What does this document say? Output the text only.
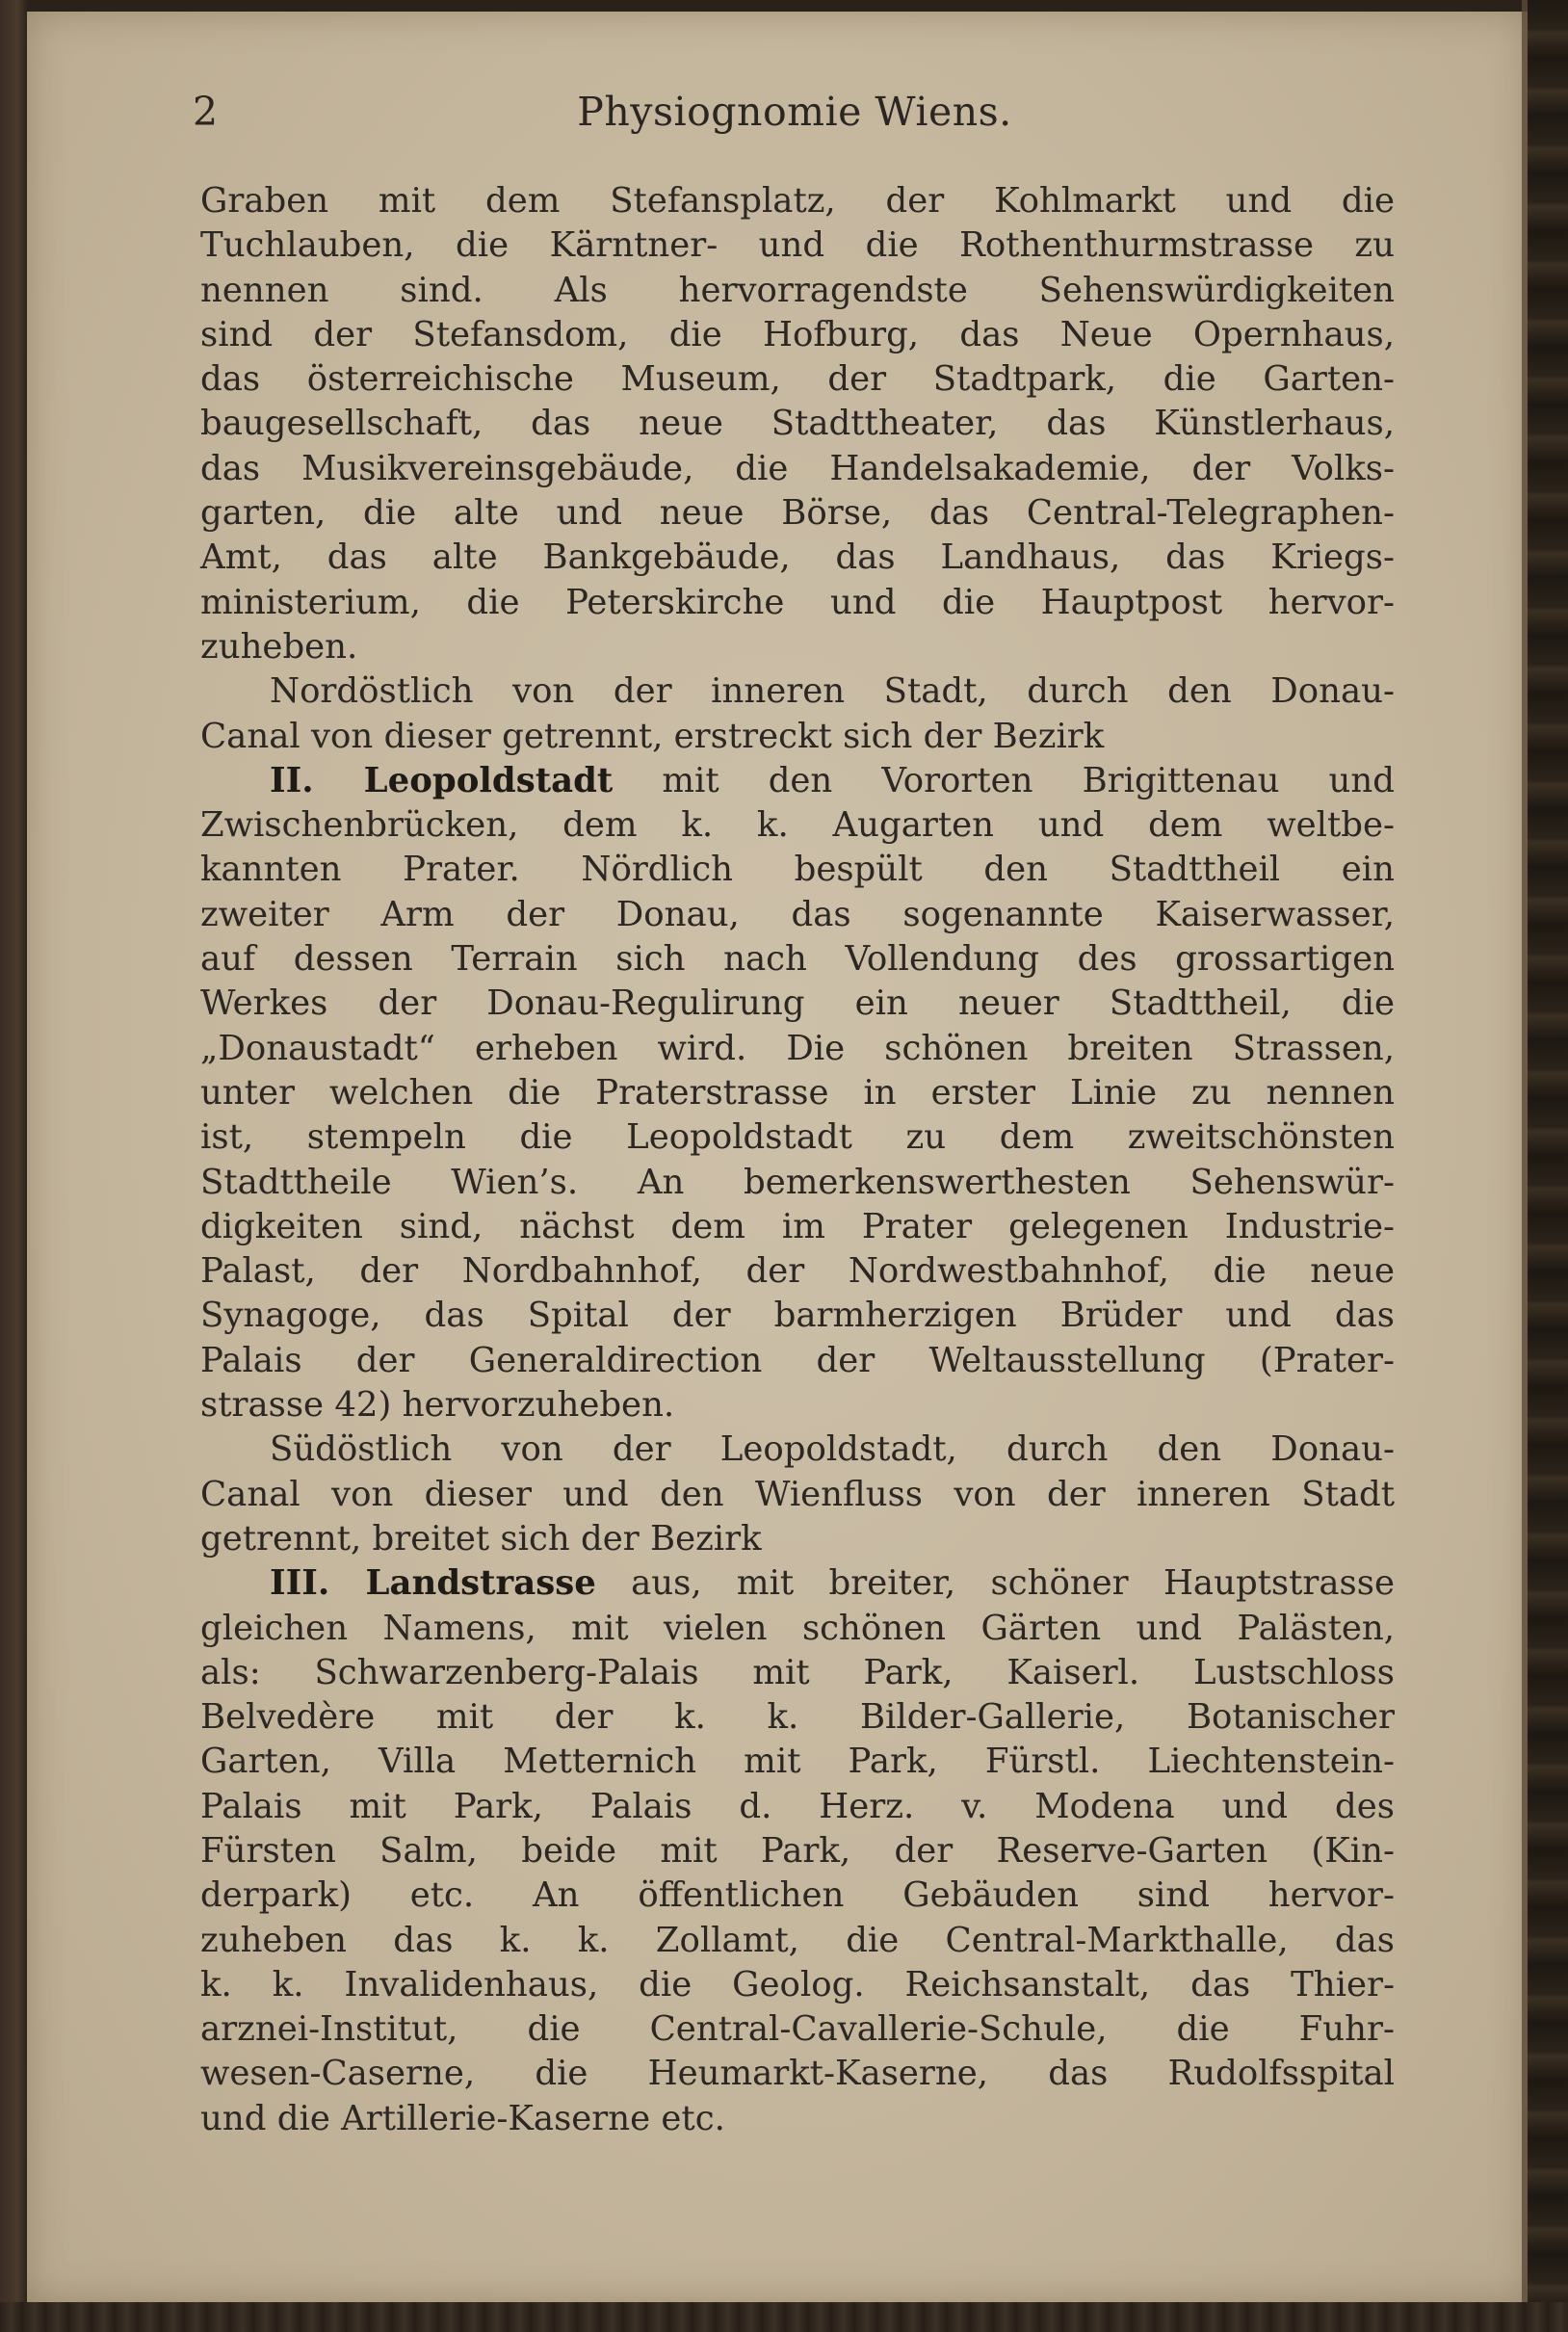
2	Physiognomie Wiens.
Graben mit dem Stefansplatz, der Kohlmarkt und die
Tuchlauben, die Kärntner- und die Rothenthurmstrasse zu
nennen sind. Als hervorragendste Sehenswürdigkeiten
sind der Stefansdom, die Hofburg, das Neue Opernhaus,
das österreichische Museum, der Stadtpark, die Garten-
baugesellschaft, das neue Stadttheater, das Künstlerhaus,
das Musikvereinsgebäude, die Handelsakademie, der Volks-
garten, die alte und neue Börse, das Central-Telegraphen-
Amt, das alte Bankgebäude, das Landhaus, das Kriegs-
ministerium, die Peterskirche und die Hauptpost hervor-
zuheben.
Nordöstlich von der inneren Stadt, durch den Donau-
Canal von dieser getrennt, erstreckt sich der Bezirk
II. Leopoldstadt mit den Vororten Brigittenau und
Zwischenbrücken, dem k. k. Augarten und dem weltbe-
kannten Prater. Nördlich bespült den Stadttheil ein
zweiter Arm der Donau, das sogenannte Kaiserwasser,
auf dessen Terrain sich nach Vollendung des grossartigen
Werkes der Donau-Regulirung ein neuer Stadttheil, die
„Donaustadt“ erheben wird. Die schönen breiten Strassen,
unter welchen die Praterstrasse in erster Linie zu nennen
ist, stempeln die Leopoldstadt zu dem zweitschönsten
Stadttheile Wien’s. An bemerkenswerthesten Sehenswür-
digkeiten sind, nächst dem im Prater gelegenen Industrie-
Palast, der Nordbahnhof, der Nordwestbahnhof, die neue
Synagoge, das Spital der barmherzigen Brüder und das
Palais der Generaldirection der Weltausstellung (Prater-
strasse 42) hervorzuheben.
Südöstlich von der Leopoldstadt, durch den Donau-
Canal von dieser und den Wienfluss von der inneren Stadt
getrennt, breitet sich der Bezirk
III. Landstrasse aus, mit breiter, schöner Hauptstrasse
gleichen Namens, mit vielen schönen Gärten und Palästen,
als: Schwarzenberg-Palais mit Park, Kaiserl. Lustschloss
Belvedère mit der k. k. Bilder-Gallerie, Botanischer
Garten, Villa Metternich mit Park, Fürstl. Liechtenstein-
Palais mit Park, Palais d. Herz. v. Modena und des
Fürsten Salm, beide mit Park, der Reserve-Garten (Kin-
derpark) etc. An öffentlichen Gebäuden sind hervor-
zuheben das k. k. Zollamt, die Central-Markthalle, das
k. k. Invalidenhaus, die Geolog. Reichsanstalt, das Thier-
arznei-Institut, die Central-Cavallerie-Schule, die Fuhr-
wesen-Caserne, die Heumarkt-Kaserne, das Rudolfsspital
und die Artillerie-Kaserne etc.
